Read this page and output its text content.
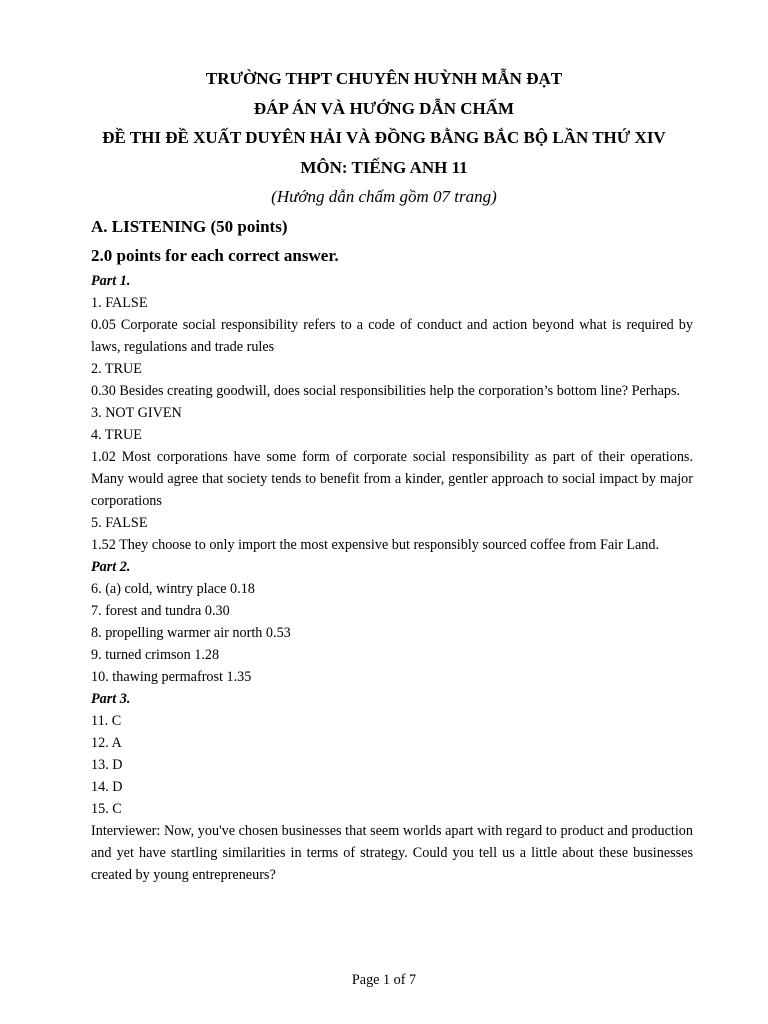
TRƯỜNG THPT CHUYÊN HUỲNH MẪN ĐẠT
ĐÁP ÁN VÀ HƯỚNG DẪN CHẤM
ĐỀ THI ĐỀ XUẤT DUYÊN HẢI VÀ ĐỒNG BẰNG BẮC BỘ LẦN THỨ XIV
MÔN: TIẾNG ANH 11
(Hướng dẫn chấm gồm 07 trang)
A. LISTENING (50 points)
2.0 points for each correct answer.
Part 1.
1. FALSE
0.05 Corporate social responsibility refers to a code of conduct and action beyond what is required by laws, regulations and trade rules
2. TRUE
0.30 Besides creating goodwill, does social responsibilities help the corporation’s bottom line? Perhaps.
3. NOT GIVEN
4. TRUE
1.02 Most corporations have some form of corporate social responsibility as part of their operations. Many would agree that society tends to benefit from a kinder, gentler approach to social impact by major corporations
5. FALSE
1.52 They choose to only import the most expensive but responsibly sourced coffee from Fair Land.
Part 2.
6. (a) cold, wintry place 0.18
7. forest and tundra 0.30
8. propelling warmer air north 0.53
9. turned crimson 1.28
10. thawing permafrost 1.35
Part 3.
11. C
12. A
13. D
14. D
15. C
Interviewer: Now, you've chosen businesses that seem worlds apart with regard to product and production and yet have startling similarities in terms of strategy. Could you tell us a little about these businesses created by young entrepreneurs?
Page 1 of 7
